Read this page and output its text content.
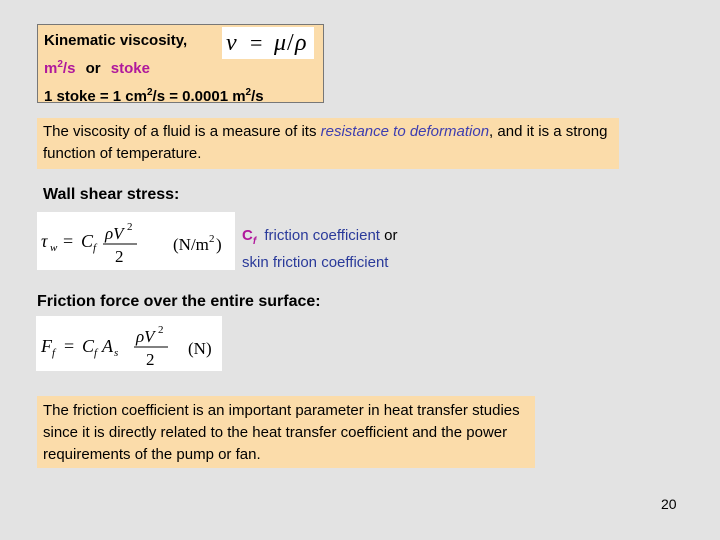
Kinematic viscosity,
$m^2/s$ or stoke
1 stoke = 1 $cm^2/s = 0.0001$ $m^2/s$
ν = μ / ρ
The viscosity of a fluid is a measure of its resistance to deformation, and it is a strong function of temperature.
Wall shear stress:
τ w = C f
ρV 2
2
(N/m 2 ) $C_f$ friction coefficient or
skin friction coefficient
Friction force over the entire surface:
F f = C f A s
ρV 2
2
(N)
The friction coefficient is an important parameter in heat transfer studies since it is directly related to the heat transfer coefficient and the power requirements of the pump or fan.
20
